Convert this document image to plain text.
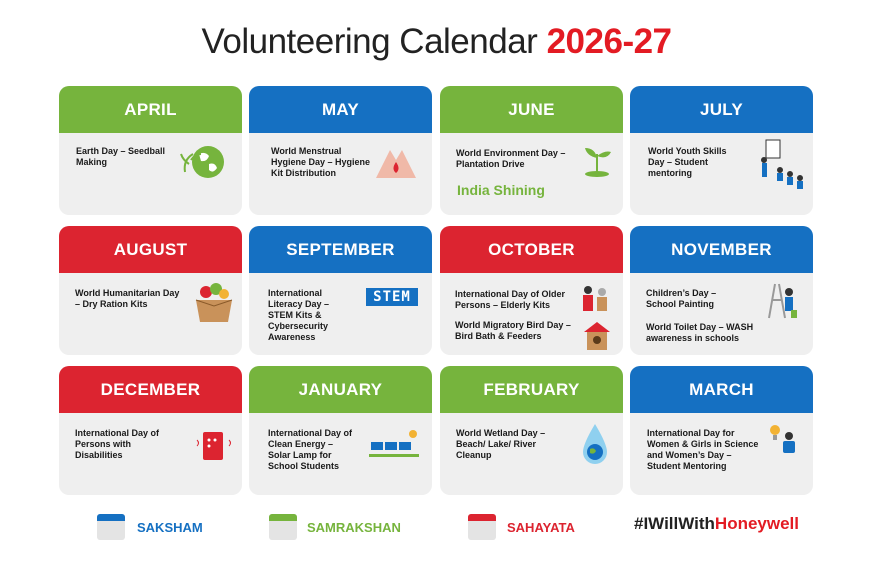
Volunteering Calendar 2026-27
APRIL
Earth Day – Seedball Making
MAY
World Menstrual Hygiene Day – Hygiene Kit Distribution
JUNE
World Environment Day – Plantation Drive
India Shining
JULY
World Youth Skills Day – Student mentoring
AUGUST
World Humanitarian Day – Dry Ration Kits
SEPTEMBER
International Literacy Day – STEM Kits & Cybersecurity Awareness
STEM
OCTOBER
International Day of Older Persons – Elderly Kits
World Migratory Bird Day – Bird Bath & Feeders
NOVEMBER
Children’s Day – School Painting
World Toilet Day – WASH awareness in schools
DECEMBER
International Day of Persons with Disabilities
JANUARY
International Day of Clean Energy – Solar Lamp for School Students
FEBRUARY
World Wetland Day – Beach/ Lake/ River Cleanup
MARCH
International Day for Women & Girls in Science and Women’s Day – Student Mentoring
SAKSHAM	SAMRAKSHAN	SAHAYATA	#IWillWithHoneywell
